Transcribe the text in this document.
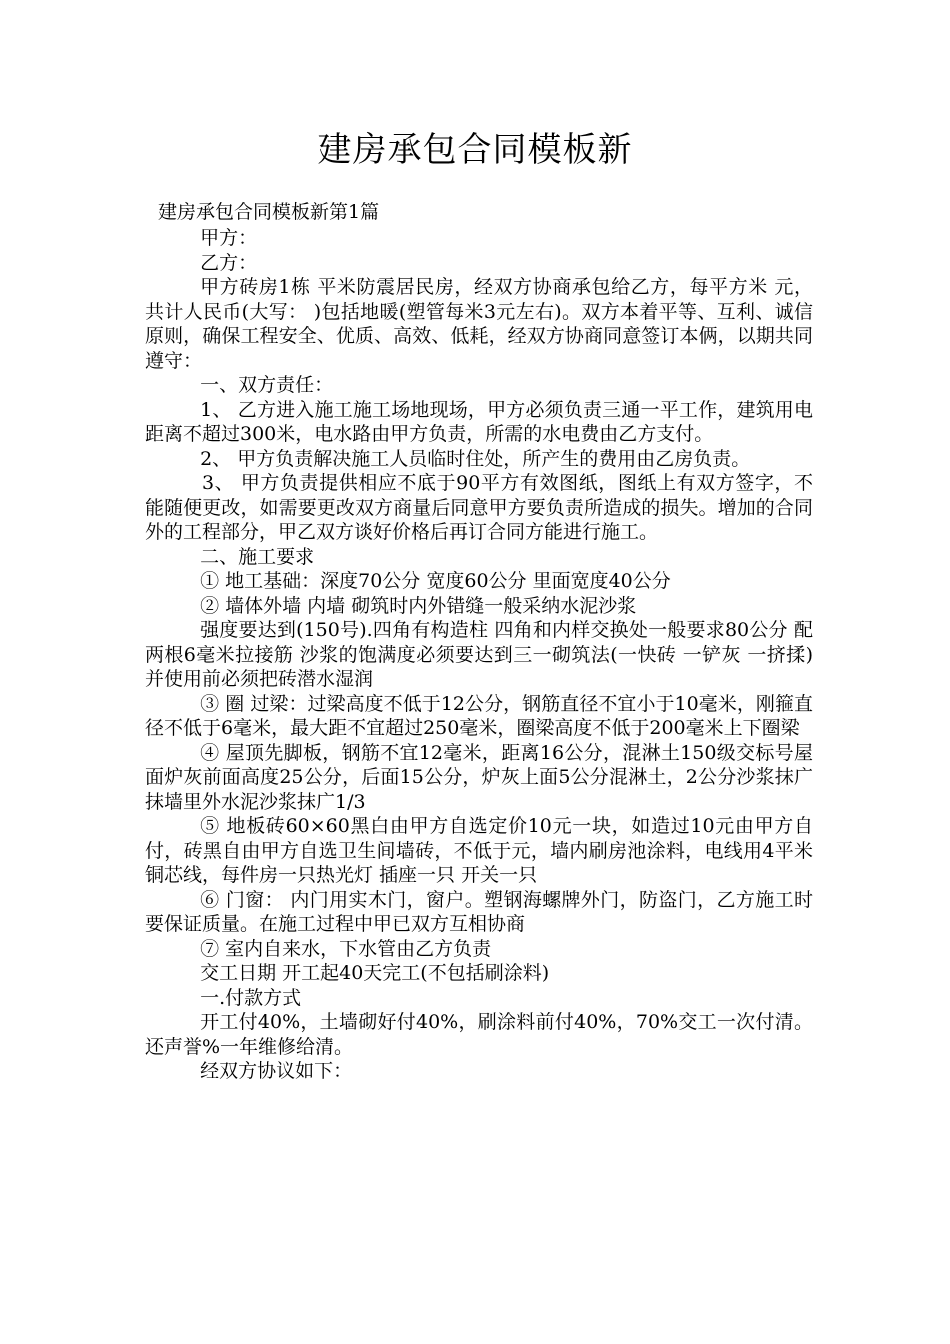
建房承包合同模板新

建房承包合同模板新第1篇

甲方：

乙方：

甲方砖房1栋 平米防震居民房，经双方协商承包给乙方，每平方米 元，共计人民币(大写： )包括地暖(塑管每米3元左右)。双方本着平等、互利、诚信原则，确保工程安全、优质、高效、低耗，经双方协商同意签订本俩，以期共同遵守：

一、双方责任：

1、 乙方进入施工施工场地现场，甲方必须负责三通一平工作，建筑用电距离不超过300米，电水路由甲方负责，所需的水电费由乙方支付。

2、 甲方负责解决施工人员临时住处，所产生的费用由乙房负责。

3、 甲方负责提供相应不底于90平方有效图纸，图纸上有双方签字，不能随便更改，如需要更改双方商量后同意甲方要负责所造成的损失。增加的合同外的工程部分，甲乙双方谈好价格后再订合同方能进行施工。

二、施工要求

① 地工基础：深度70公分 宽度60公分 里面宽度40公分

② 墙体外墙 内墙 砌筑时内外错缝一般采纳水泥沙浆

强度要达到(150号).四角有构造柱 四角和内样交换处一般要求80公分 配两根6毫米拉接筋 沙浆的饱满度必须要达到三一砌筑法(一快砖 一铲灰 一挤揉)并使用前必须把砖潜水湿润

③ 圈 过梁：过梁高度不低于12公分，钢筋直径不宜小于10毫米，刚箍直径不低于6毫米，最大距不宜超过250毫米，圈梁高度不低于200毫米上下圈梁

④ 屋顶先脚板，钢筋不宜12毫米，距离16公分，混淋土150级交标号屋面炉灰前面高度25公分，后面15公分，炉灰上面5公分混淋土，2公分沙浆抹广 抹墙里外水泥沙浆抹广1/3

⑤ 地板砖60×60黑白由甲方自选定价10元一块，如造过10元由甲方自付，砖黑自由甲方自选卫生间墙砖，不低于元，墙内刷房池涂料，电线用4平米铜芯线，每件房一只热光灯 插座一只 开关一只

⑥ 门窗： 内门用实木门，窗户。塑钢海螺牌外门，防盗门，乙方施工时要保证质量。在施工过程中甲已双方互相协商

⑦ 室内自来水，下水管由乙方负责

交工日期 开工起40天完工(不包括刷涂料)

一.付款方式

开工付40%，土墙砌好付40%，刷涂料前付40%，70%交工一次付清。还声誉%一年维修给清。

经双方协议如下：
